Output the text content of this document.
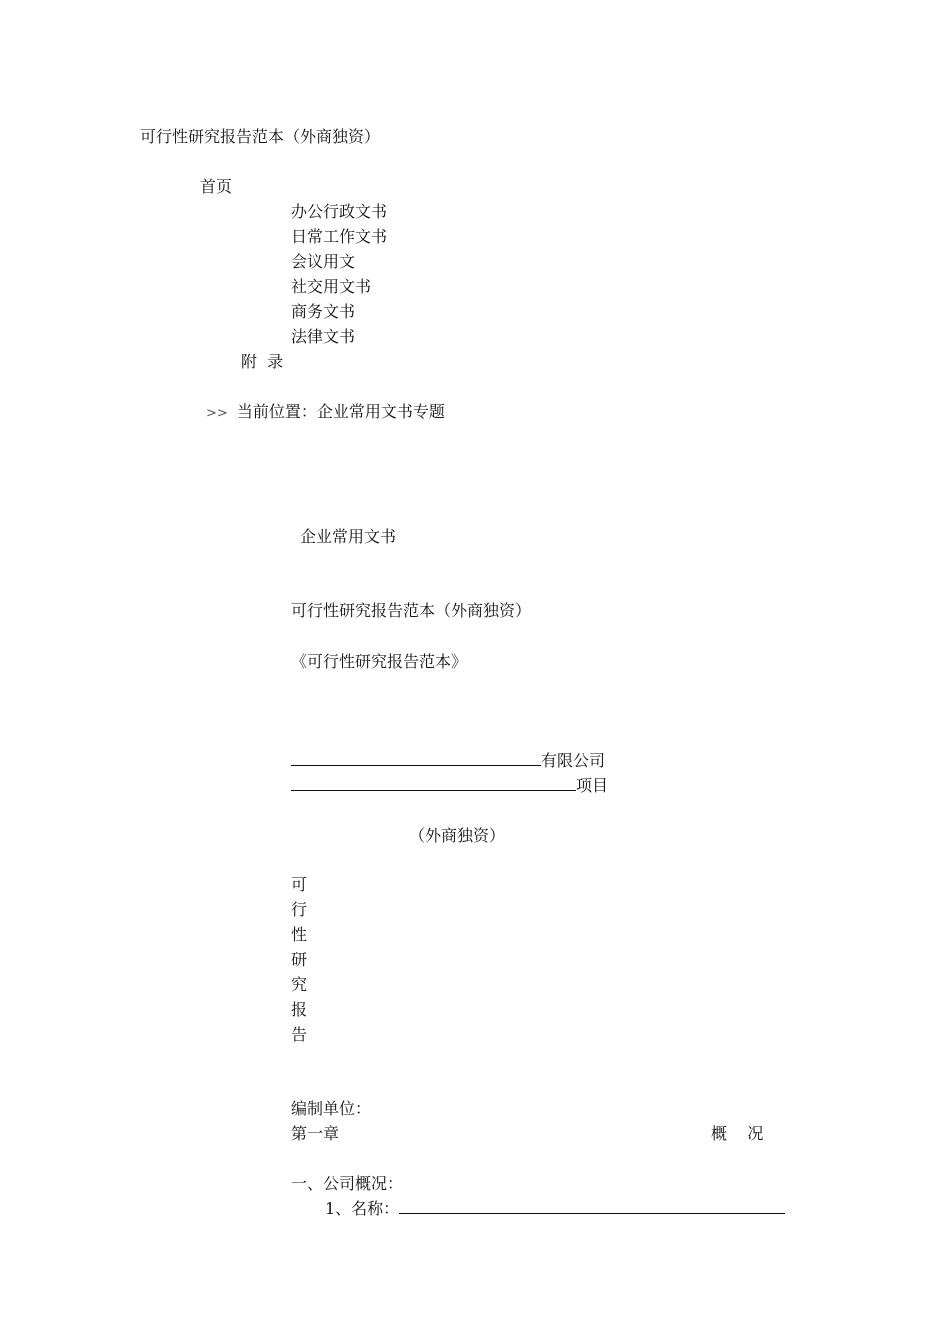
可行性研究报告范本（外商独资）
首页
办公行政文书
日常工作文书
会议用文
社交用文书
商务文书
法律文书
附  录
>> 当前位置：企业常用文书专题
企业常用文书
可行性研究报告范本（外商独资）
《可行性研究报告范本》
有限公司
项目
（外商独资）
可
行
性
研
究
报
告
编制单位：
第一章	概    况
一、公司概况：
1、名称：
